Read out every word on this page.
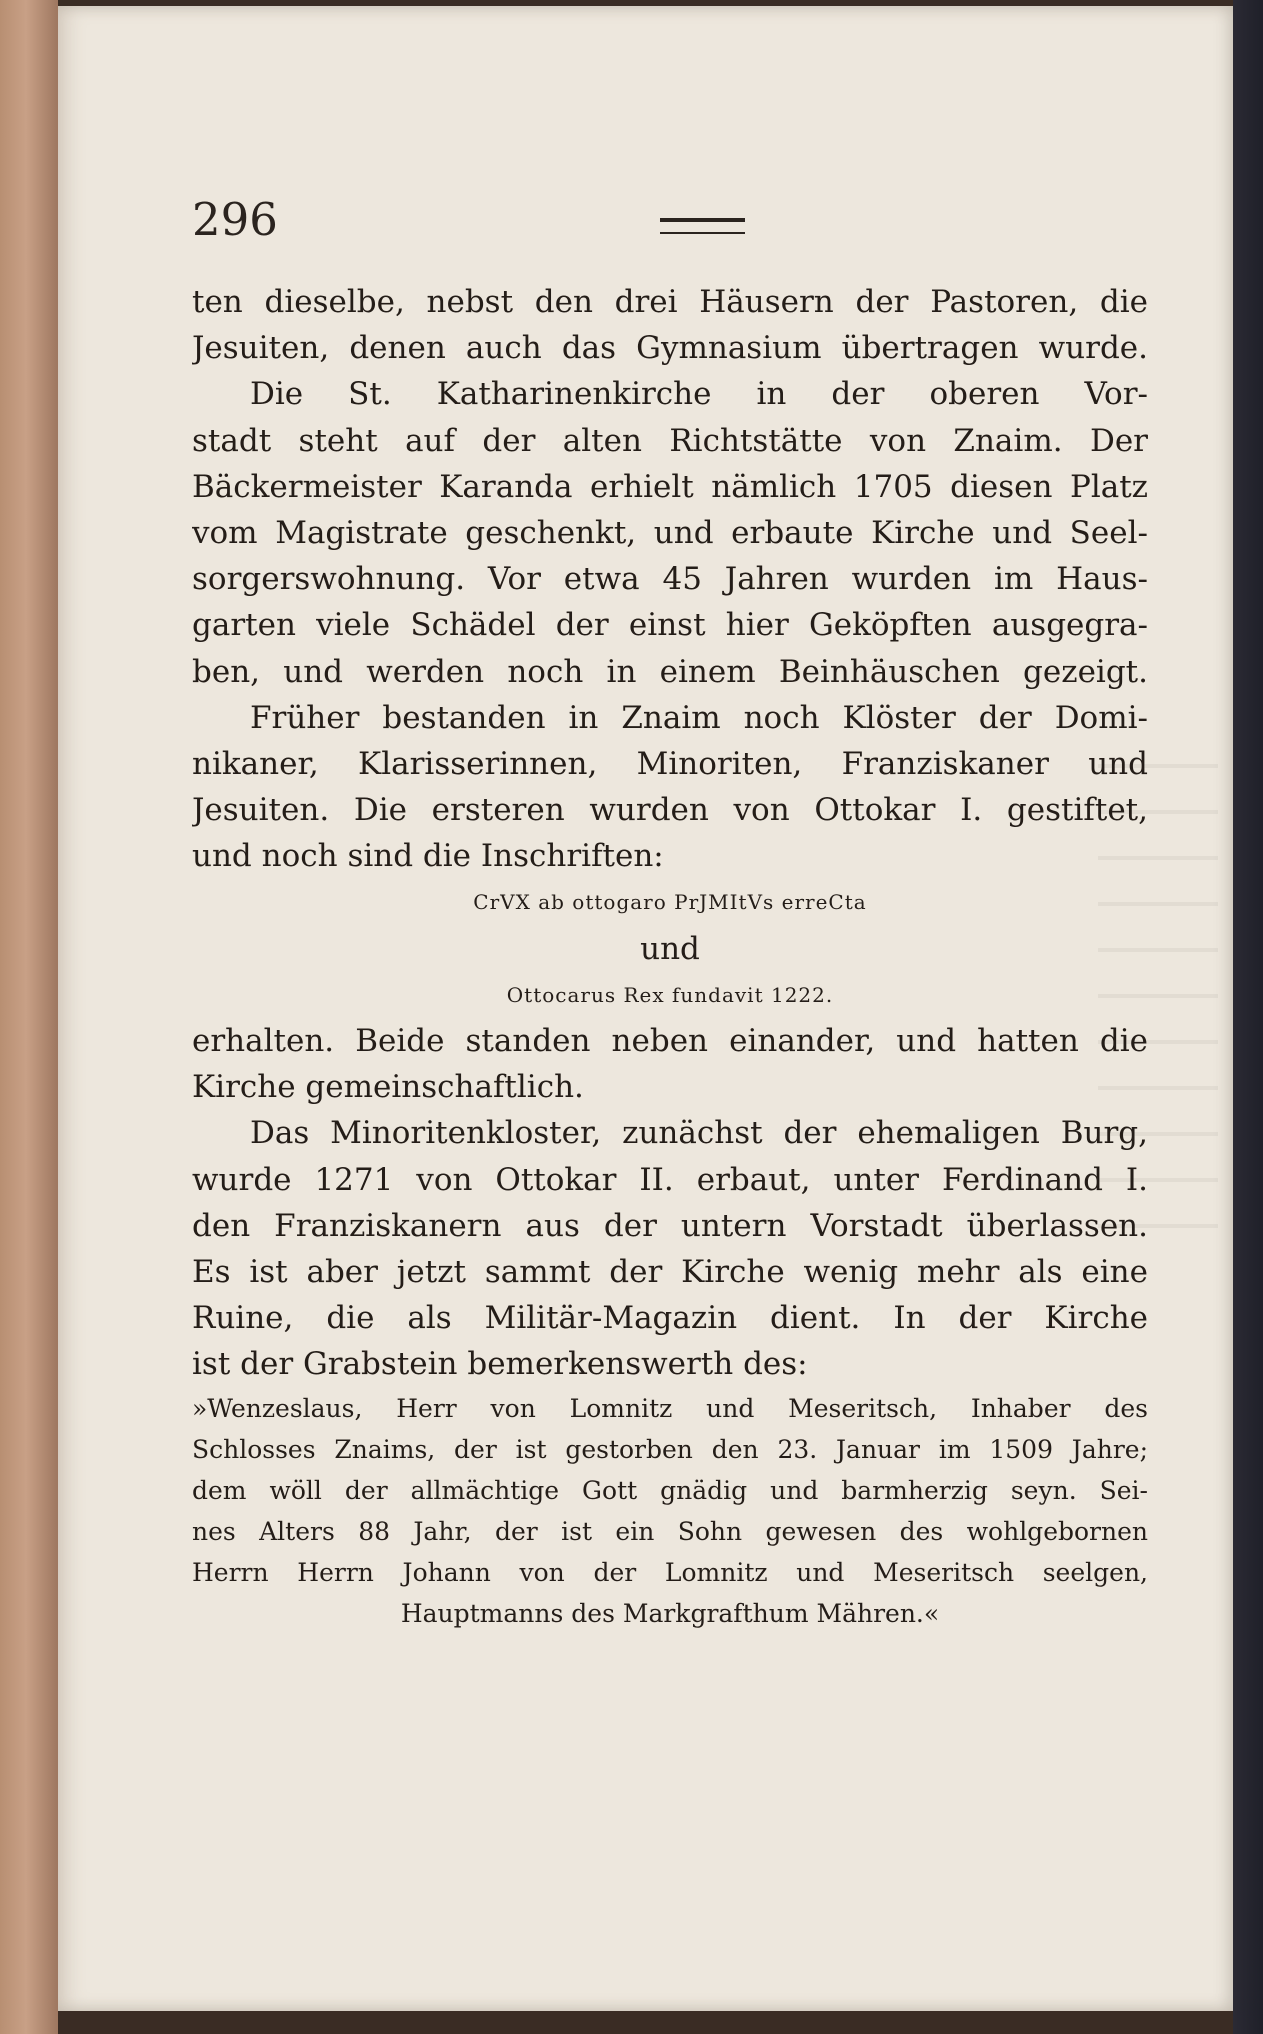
296
ten dieselbe, nebst den drei Häusern der Pastoren, die
Jesuiten, denen auch das Gymnasium übertragen wurde.
Die St. Katharinenkirche in der oberen Vor-
stadt steht auf der alten Richtstätte von Znaim. Der
Bäckermeister Karanda erhielt nämlich 1705 diesen Platz
vom Magistrate geschenkt, und erbaute Kirche und Seel-
sorgerswohnung. Vor etwa 45 Jahren wurden im Haus-
garten viele Schädel der einst hier Geköpften ausgegra-
ben, und werden noch in einem Beinhäuschen gezeigt.
Früher bestanden in Znaim noch Klöster der Domi-
nikaner, Klarisserinnen, Minoriten, Franziskaner und
Jesuiten. Die ersteren wurden von Ottokar I. gestiftet,
und noch sind die Inschriften:
CrVX ab ottogaro PrJMItVs erreCta
und
Ottocarus Rex fundavit 1222.
erhalten. Beide standen neben einander, und hatten die
Kirche gemeinschaftlich.
Das Minoritenkloster, zunächst der ehemaligen Burg,
wurde 1271 von Ottokar II. erbaut, unter Ferdinand I.
den Franziskanern aus der untern Vorstadt überlassen.
Es ist aber jetzt sammt der Kirche wenig mehr als eine
Ruine, die als Militär-Magazin dient. In der Kirche
ist der Grabstein bemerkenswerth des:
»Wenzeslaus, Herr von Lomnitz und Meseritsch, Inhaber des
Schlosses Znaims, der ist gestorben den 23. Januar im 1509 Jahre;
dem wöll der allmächtige Gott gnädig und barmherzig seyn. Sei-
nes Alters 88 Jahr, der ist ein Sohn gewesen des wohlgebornen
Herrn Herrn Johann von der Lomnitz und Meseritsch seelgen,
Hauptmanns des Markgrafthum Mähren.«
